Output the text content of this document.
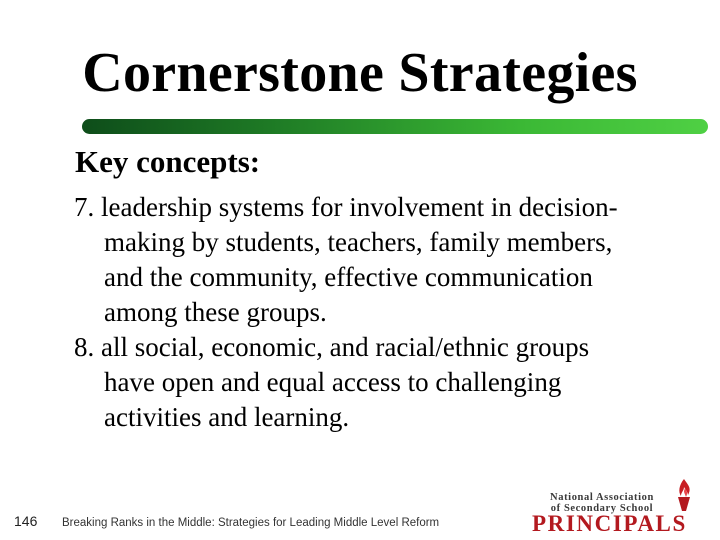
Cornerstone Strategies
Key concepts:

7. leadership systems for involvement in decision-making by students, teachers, family members, and the community, effective communication among these groups.

8. all social, economic, and racial/ethnic groups have open and equal access to challenging activities and learning.

146 Breaking Ranks in the Middle: Strategies for Leading Middle Level Reform
National Association
of Secondary School
PRINCIPALS
